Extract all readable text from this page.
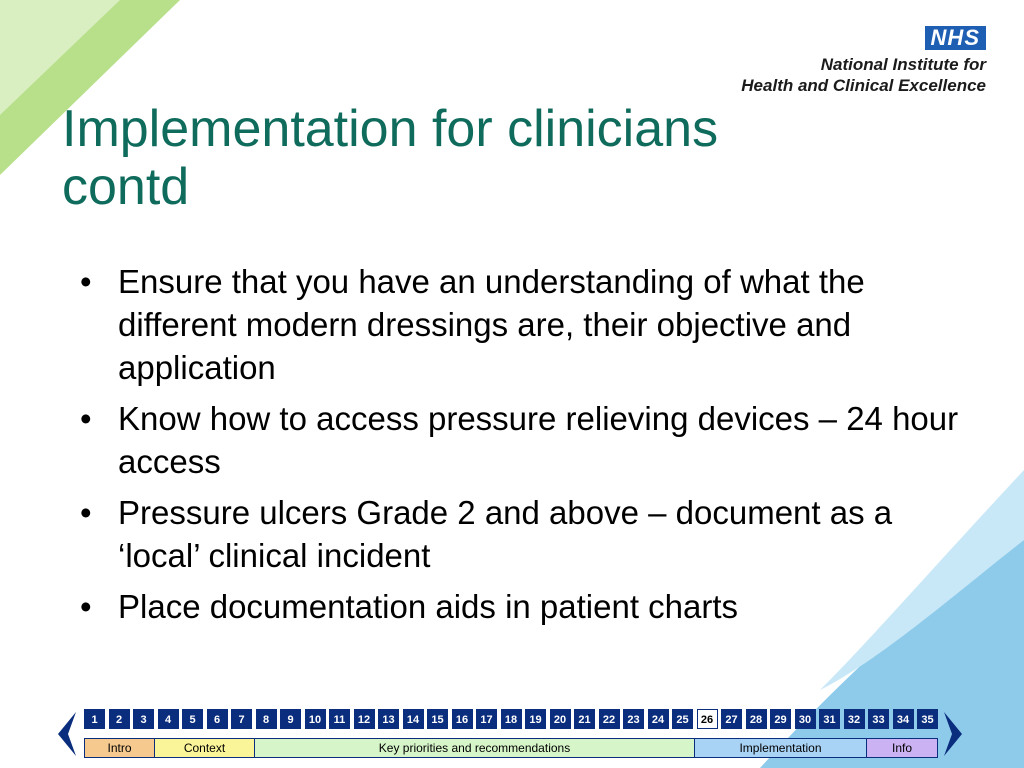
NHS
National Institute for
Health and Clinical Excellence
Implementation for clinicians
contd
• Ensure that you have an understanding of what the different modern dressings are, their objective and application
• Know how to access pressure relieving devices – 24 hour access
• Pressure ulcers Grade 2 and above – document as a ‘local’ clinical incident
• Place documentation aids in patient charts
1	2	3	4	5	6	7	8	9	10	11	12	13	14	15	16	17	18	19	20	21	22	23	24	25	26	27	28	29	30	31	32	33	34	35
Intro	Context	Key priorities and recommendations	Implementation	Info
